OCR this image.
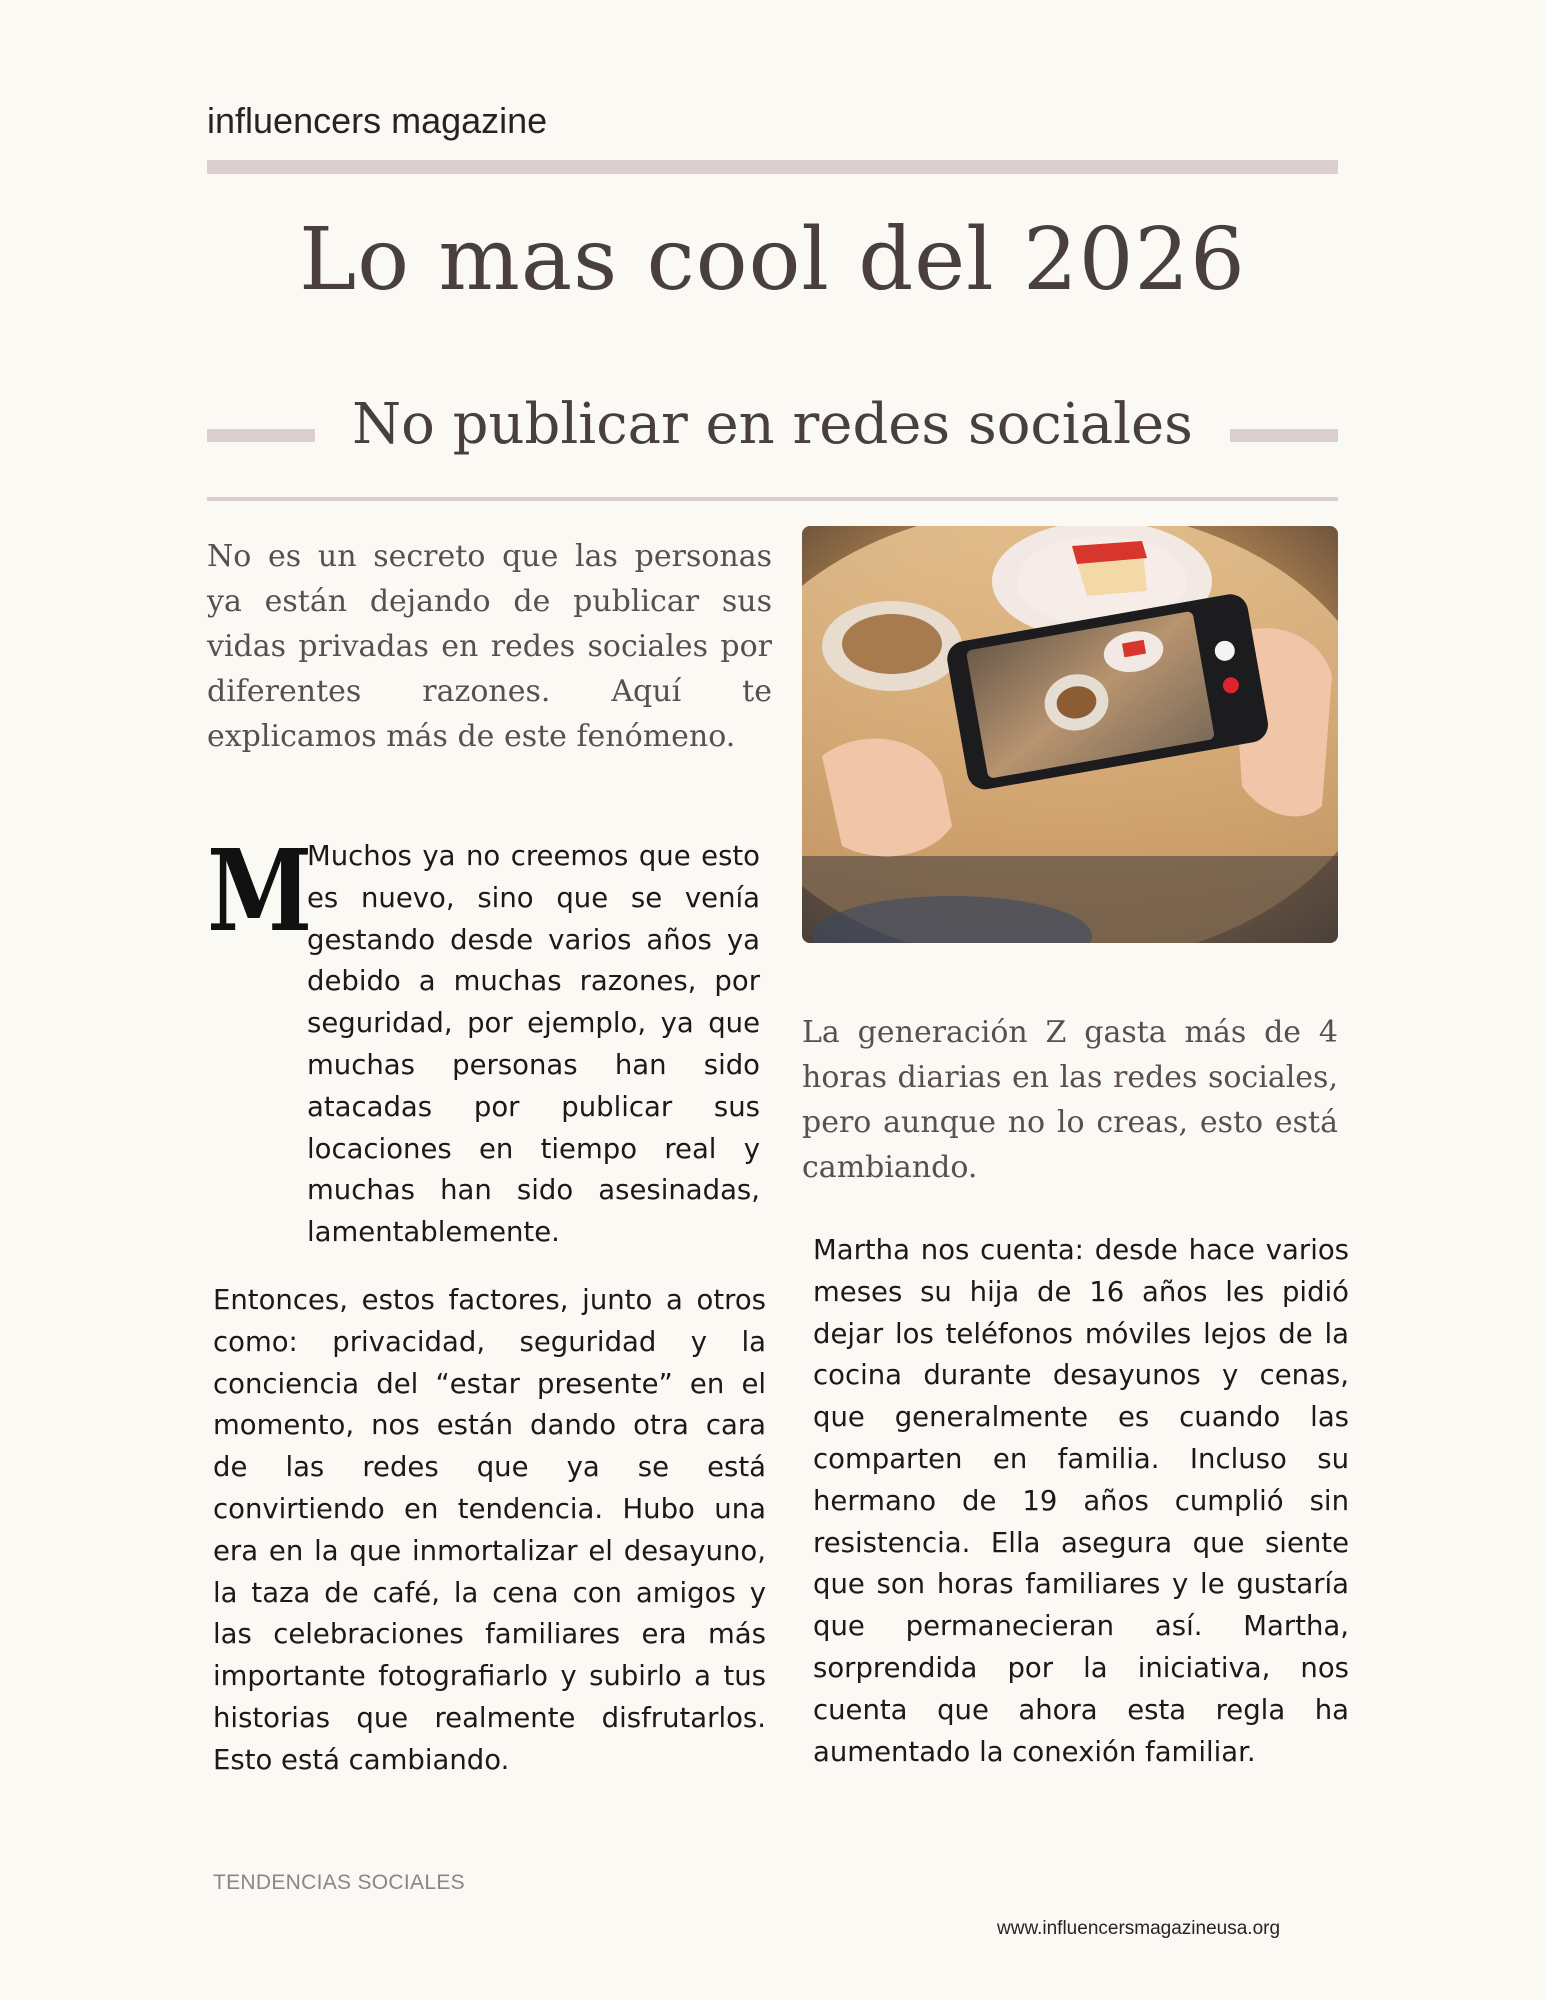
influencers magazine
Lo mas cool del 2026
No publicar en redes sociales

No es un secreto que las personas ya están dejando de publicar sus vidas privadas en redes sociales por diferentes razones. Aquí te explicamos más de este fenómeno.

La generación Z gasta más de 4 horas diarias en las redes sociales, pero aunque no lo creas, esto está cambiando.

M

Muchos ya no creemos que esto es nuevo, sino que se venía gestando desde varios años ya debido a muchas razones, por seguridad, por ejemplo, ya que muchas personas han sido atacadas por publicar sus locaciones en tiempo real y muchas han sido asesinadas, lamentablemente.

Entonces, estos factores, junto a otros como: privacidad, seguridad y la conciencia del “estar presente” en el momento, nos están dando otra cara de las redes que ya se está convirtiendo en tendencia. Hubo una era en la que inmortalizar el desayuno, la taza de café, la cena con amigos y las celebraciones familiares era más importante fotografiarlo y subirlo a tus historias que realmente disfrutarlos. Esto está cambiando.

Martha nos cuenta: desde hace varios meses su hija de 16 años les pidió dejar los teléfonos móviles lejos de la cocina durante desayunos y cenas, que generalmente es cuando las comparten en familia. Incluso su hermano de 19 años cumplió sin resistencia. Ella asegura que siente que son horas familiares y le gustaría que permanecieran así. Martha, sorprendida por la iniciativa, nos cuenta que ahora esta regla ha aumentado la conexión familiar.

TENDENCIAS SOCIALES
www.influencersmagazineusa.org
